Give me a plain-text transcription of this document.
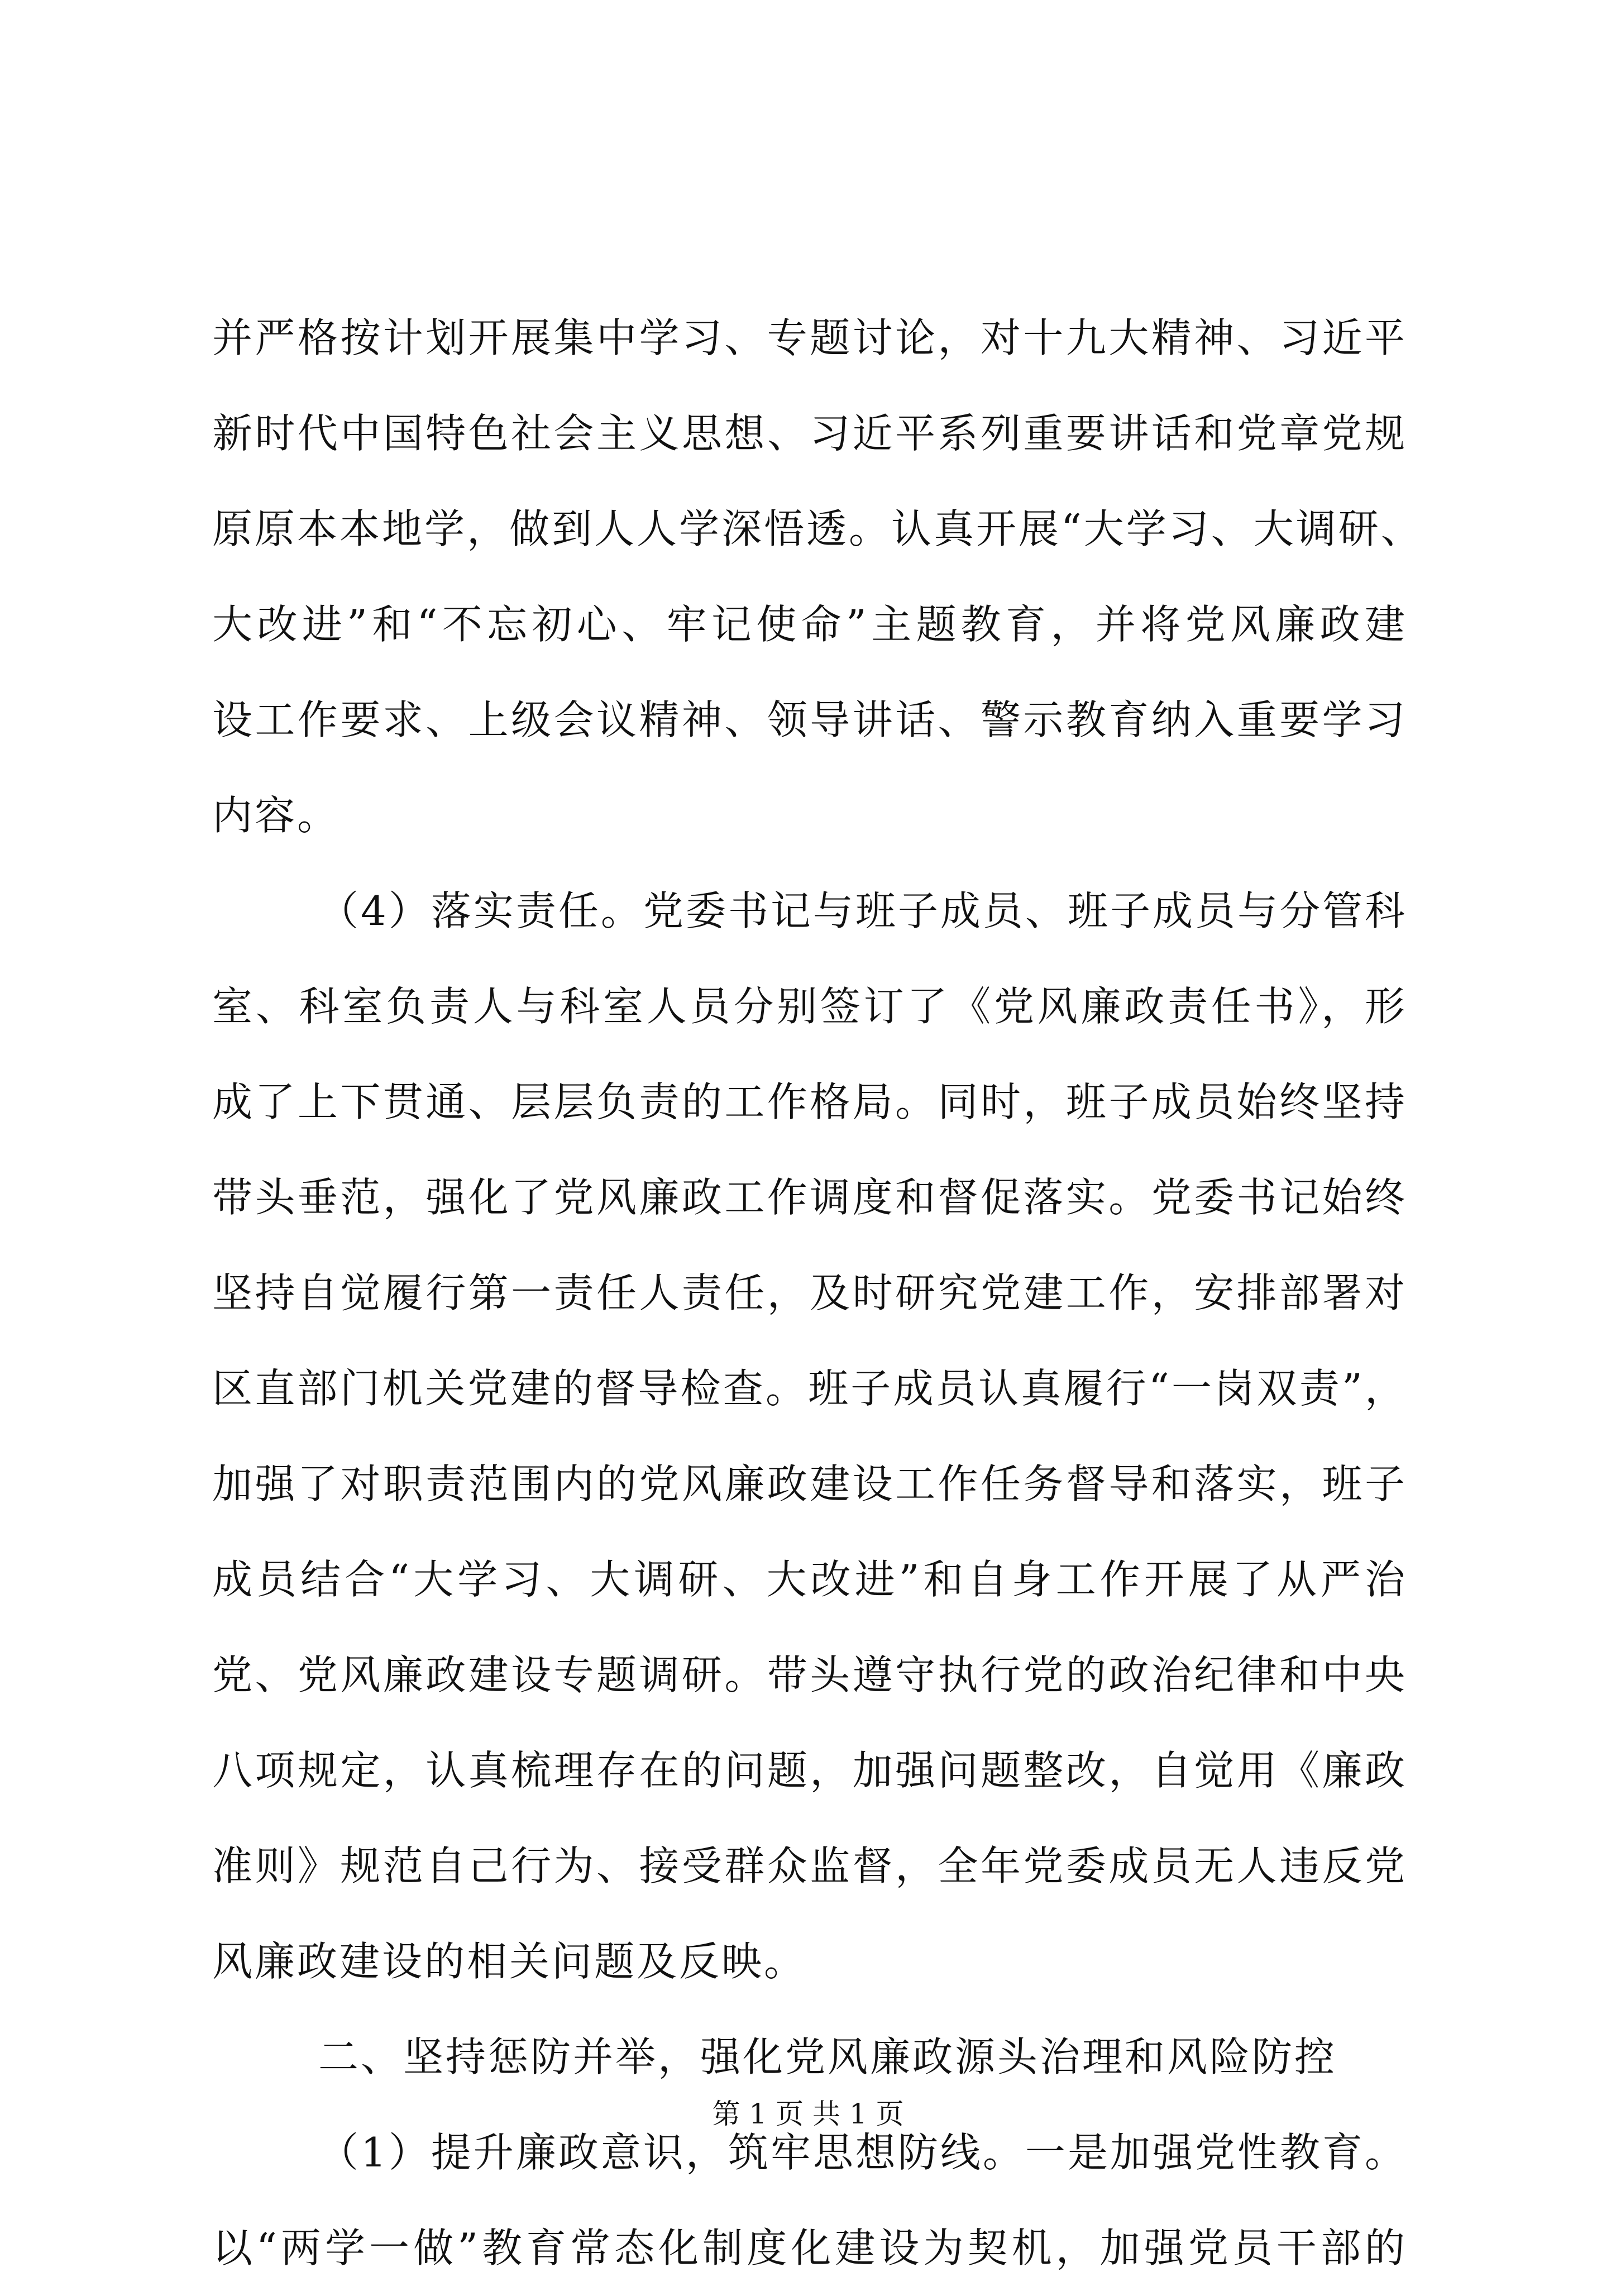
并严格按计划开展集中学习、专题讨论，对十九大精神、习近平
新时代中国特色社会主义思想、习近平系列重要讲话和党章党规
原原本本地学，做到人人学深悟透。认真开展“大学习、大调研、
大改进”和“不忘初心、牢记使命”主题教育，并将党风廉政建
设工作要求、上级会议精神、领导讲话、警示教育纳入重要学习
内容。
（4）落实责任。党委书记与班子成员、班子成员与分管科
室、科室负责人与科室人员分别签订了《党风廉政责任书》，形
成了上下贯通、层层负责的工作格局。同时，班子成员始终坚持
带头垂范，强化了党风廉政工作调度和督促落实。党委书记始终
坚持自觉履行第一责任人责任，及时研究党建工作，安排部署对
区直部门机关党建的督导检查。班子成员认真履行“一岗双责”，
加强了对职责范围内的党风廉政建设工作任务督导和落实，班子
成员结合“大学习、大调研、大改进”和自身工作开展了从严治
党、党风廉政建设专题调研。带头遵守执行党的政治纪律和中央
八项规定，认真梳理存在的问题，加强问题整改，自觉用《廉政
准则》规范自己行为、接受群众监督，全年党委成员无人违反党
风廉政建设的相关问题及反映。
二、坚持惩防并举，强化党风廉政源头治理和风险防控
（1）提升廉政意识，筑牢思想防线。一是加强党性教育。
以“两学一做”教育常态化制度化建设为契机，加强党员干部的
第 1 页 共 1 页
